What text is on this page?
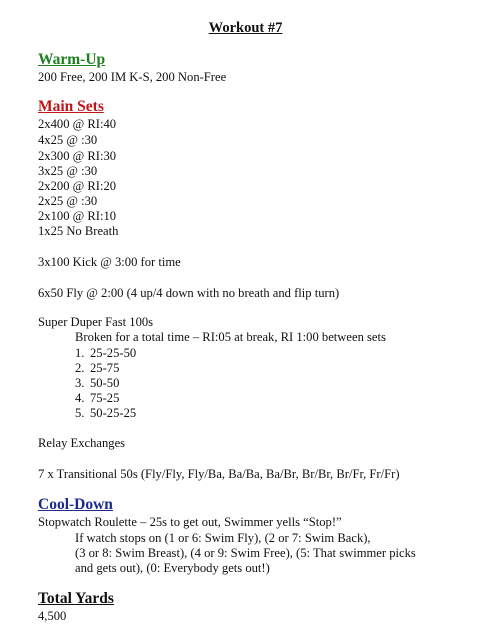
Workout #7
Warm-Up
200 Free, 200 IM K-S, 200 Non-Free
Main Sets
2x400 @ RI:40
4x25 @ :30
2x300 @ RI:30
3x25 @ :30
2x200 @ RI:20
2x25 @ :30
2x100 @ RI:10
1x25 No Breath
3x100 Kick @ 3:00 for time
6x50 Fly @ 2:00 (4 up/4 down with no breath and flip turn)
Super Duper Fast 100s
Broken for a total time – RI:05 at break, RI 1:00 between sets
1. 25-25-50
2. 25-75
3. 50-50
4. 75-25
5. 50-25-25
Relay Exchanges
7 x Transitional 50s (Fly/Fly, Fly/Ba, Ba/Ba, Ba/Br, Br/Br, Br/Fr, Fr/Fr)
Cool-Down
Stopwatch Roulette – 25s to get out, Swimmer yells “Stop!”
If watch stops on (1 or 6: Swim Fly), (2 or 7: Swim Back),
(3 or 8: Swim Breast), (4 or 9: Swim Free), (5: That swimmer picks
and gets out), (0: Everybody gets out!)
Total Yards
4,500
